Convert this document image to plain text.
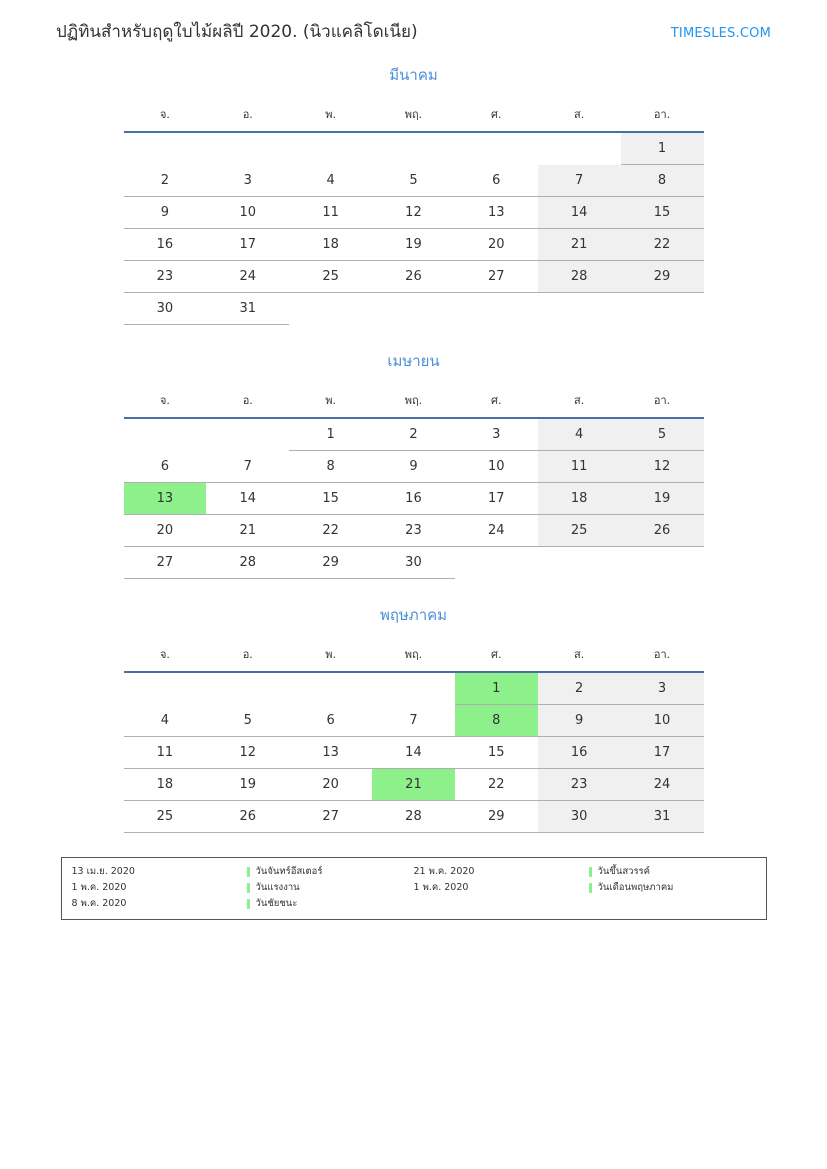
ปฏิทินสำหรับฤดูใบไม้ผลิปี 2020. (นิวแคลิโดเนีย)	TIMESLES.COM
มีนาคม
จ.	อ.	พ.	พฤ.	ศ.	ส.	อา.
						1
2	3	4	5	6	7	8
9	10	11	12	13	14	15
16	17	18	19	20	21	22
23	24	25	26	27	28	29
30	31					
เมษายน
จ.	อ.	พ.	พฤ.	ศ.	ส.	อา.
		1	2	3	4	5
6	7	8	9	10	11	12
13	14	15	16	17	18	19
20	21	22	23	24	25	26
27	28	29	30			
พฤษภาคม
จ.	อ.	พ.	พฤ.	ศ.	ส.	อา.
				1	2	3
4	5	6	7	8	9	10
11	12	13	14	15	16	17
18	19	20	21	22	23	24
25	26	27	28	29	30	31
13 เม.ย. 2020	วันจันทร์อีสเตอร์
1 พ.ค. 2020	วันแรงงาน
8 พ.ค. 2020	วันชัยชนะ
21 พ.ค. 2020	วันขึ้นสวรรค์
1 พ.ค. 2020	วันเดือนพฤษภาคม
